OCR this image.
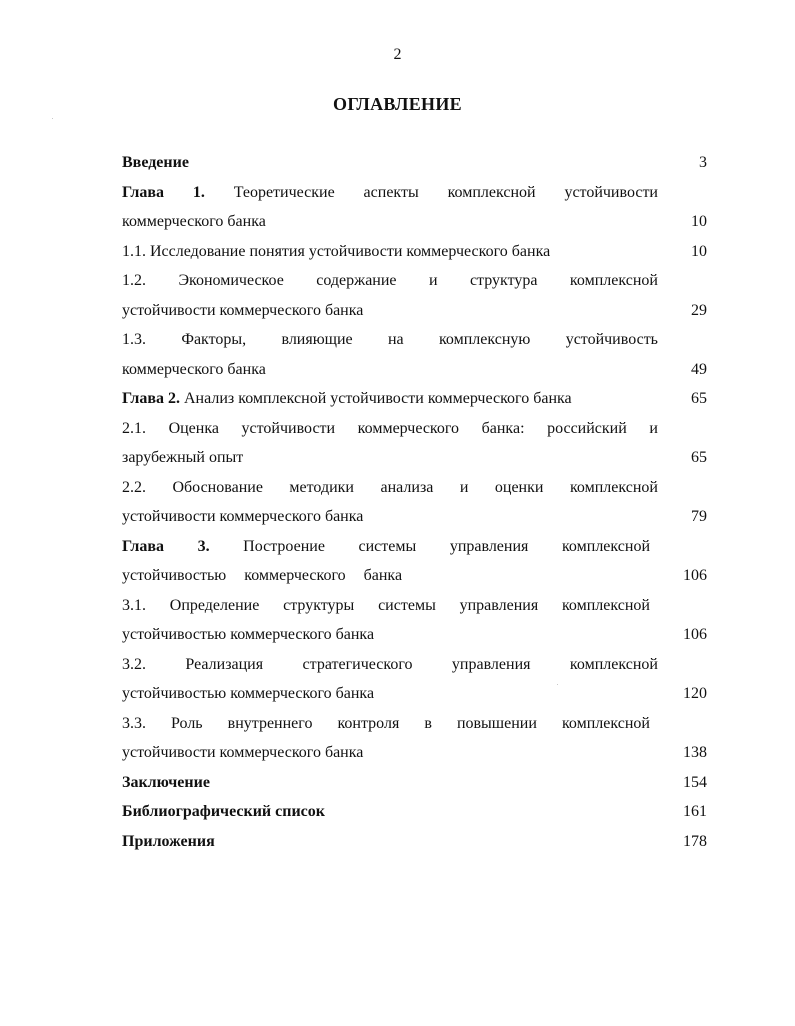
2
ОГЛАВЛЕНИЕ
Введение	3
Глава 1. Теоретические аспекты комплексной устойчивости
коммерческого банка	10
1.1. Исследование понятия устойчивости коммерческого банка	10
1.2. Экономическое содержание и структура комплексной
устойчивости коммерческого банка	29
1.3. Факторы, влияющие на комплексную устойчивость
коммерческого банка	49
Глава 2. Анализ комплексной устойчивости коммерческого банка	65
2.1. Оценка устойчивости коммерческого банка: российский и
зарубежный опыт	65
2.2. Обоснование методики анализа и оценки комплексной
устойчивости коммерческого банка	79
Глава 3. Построение системы управления комплексной
устойчивостью коммерческого банка	106
3.1. Определение структуры системы управления комплексной
устойчивостью коммерческого банка	106
3.2. Реализация стратегического управления комплексной
устойчивостью коммерческого банка	120
3.3. Роль внутреннего контроля в повышении комплексной
устойчивости коммерческого банка	138
Заключение	154
Библиографический список	161
Приложения	178
